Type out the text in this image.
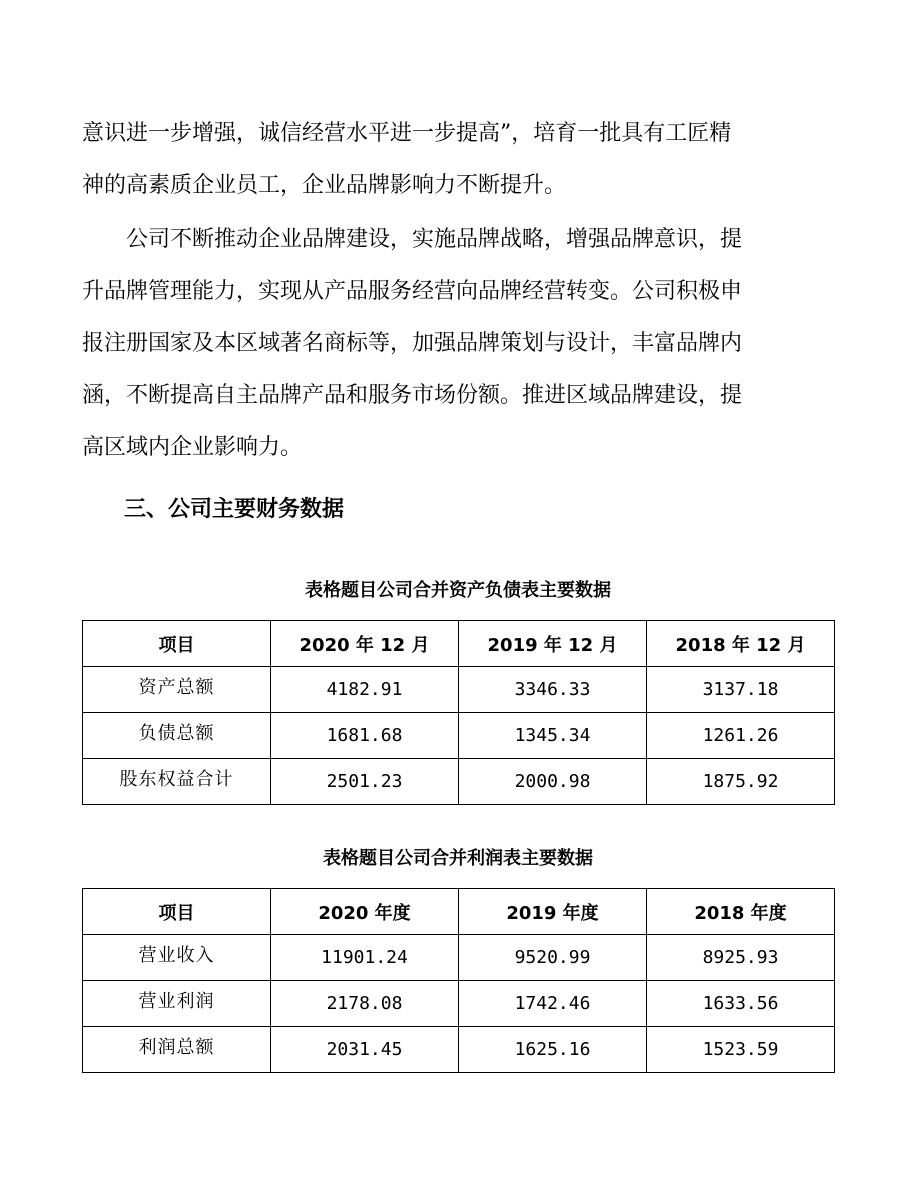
意识进一步增强，诚信经营水平进一步提高”，培育一批具有工匠精
神的高素质企业员工，企业品牌影响力不断提升。
公司不断推动企业品牌建设，实施品牌战略，增强品牌意识，提
升品牌管理能力，实现从产品服务经营向品牌经营转变。公司积极申
报注册国家及本区域著名商标等，加强品牌策划与设计，丰富品牌内
涵，不断提高自主品牌产品和服务市场份额。推进区域品牌建设，提
高区域内企业影响力。
三、公司主要财务数据

表格题目公司合并资产负债表主要数据

项目	2020 年 12 月	2019 年 12 月	2018 年 12 月
资产总额	4182.91	3346.33	3137.18
负债总额	1681.68	1345.34	1261.26
股东权益合计	2501.23	2000.98	1875.92

表格题目公司合并利润表主要数据

项目	2020 年度	2019 年度	2018 年度
营业收入	11901.24	9520.99	8925.93
营业利润	2178.08	1742.46	1633.56
利润总额	2031.45	1625.16	1523.59
